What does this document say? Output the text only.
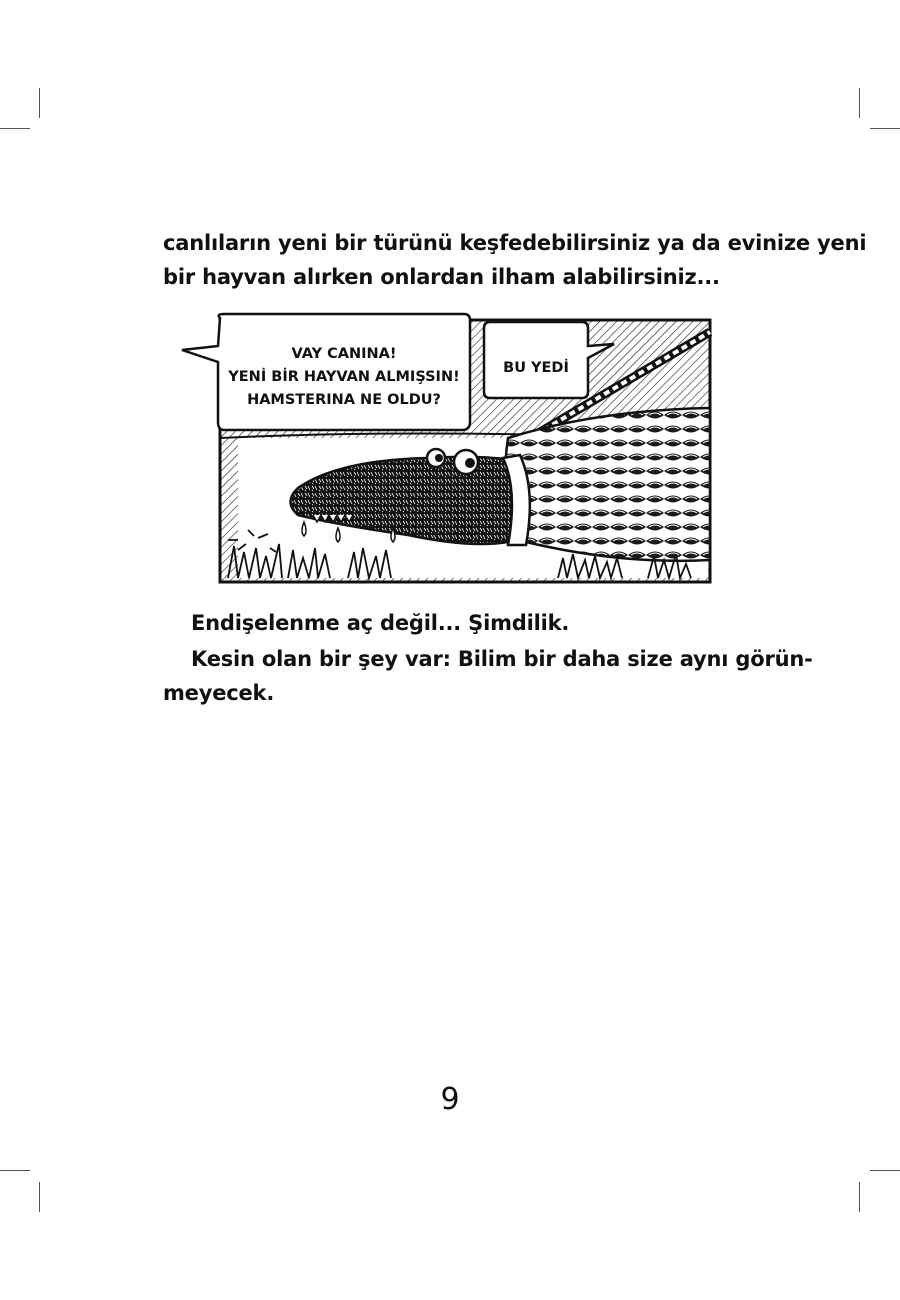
canlıların yeni bir türünü keşfedebilirsiniz ya da evinize yeni
bir hayvan alırken onlardan ilham alabilirsiniz...

VAY CANINA!
YENİ BİR HAYVAN ALMIŞSIN!
HAMSTERINA NE OLDU?
BU YEDİ

Endişelenme aç değil... Şimdilik.

Kesin olan bir şey var: Bilim bir daha size aynı görün-
meyecek.

9
